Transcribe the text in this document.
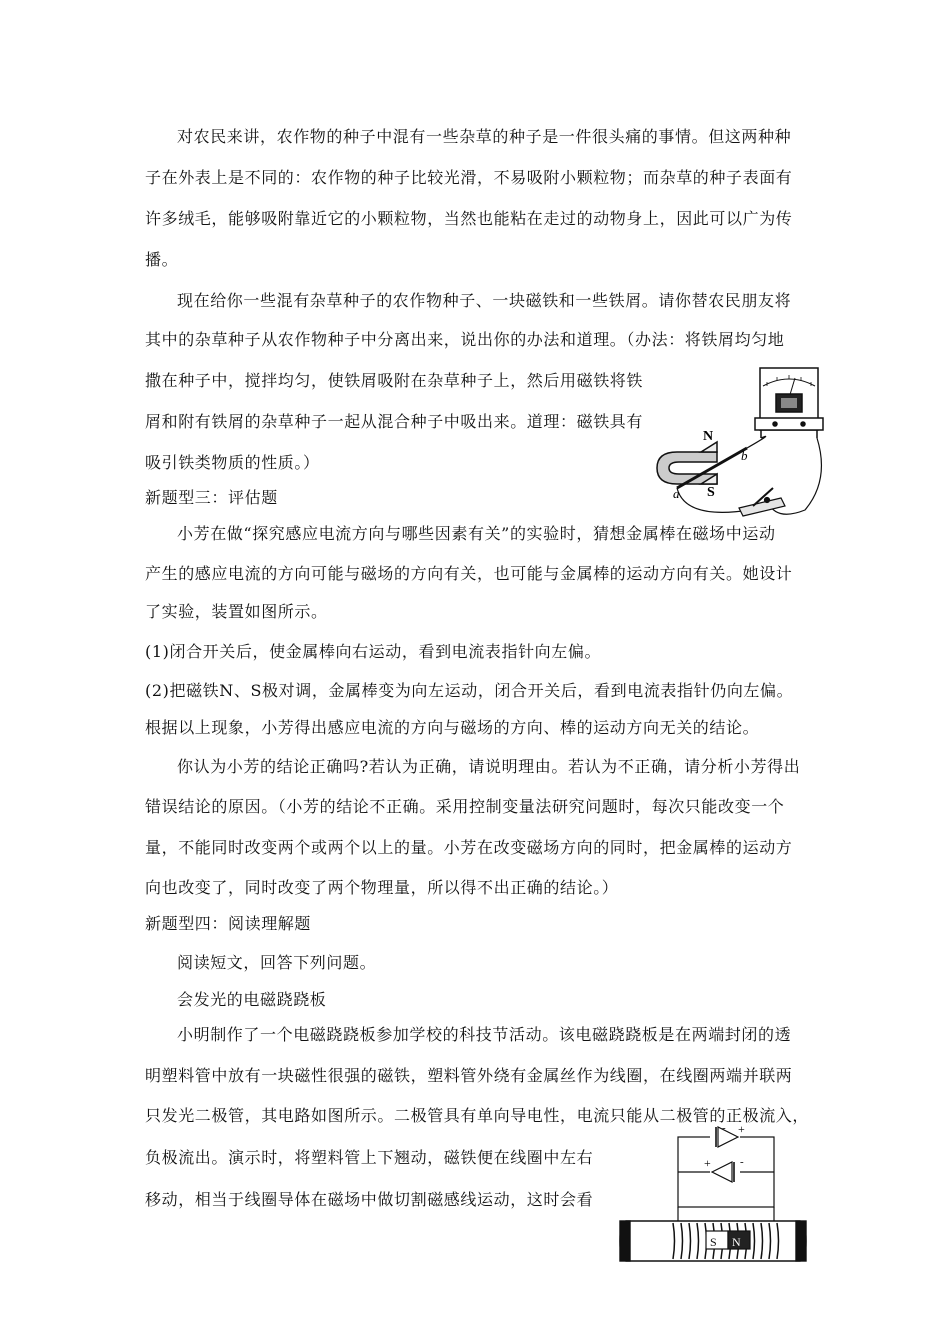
对农民来讲，农作物的种子中混有一些杂草的种子是一件很头痛的事情。但这两种种
子在外表上是不同的：农作物的种子比较光滑，不易吸附小颗粒物；而杂草的种子表面有
许多绒毛，能够吸附靠近它的小颗粒物，当然也能粘在走过的动物身上，因此可以广为传
播。
现在给你一些混有杂草种子的农作物种子、一块磁铁和一些铁屑。请你替农民朋友将
其中的杂草种子从农作物种子中分离出来，说出你的办法和道理。（办法：将铁屑均匀地
撒在种子中，搅拌均匀，使铁屑吸附在杂草种子上，然后用磁铁将铁
屑和附有铁屑的杂草种子一起从混合种子中吸出来。道理：磁铁具有
吸引铁类物质的性质。）
新题型三：评估题
小芳在做“探究感应电流方向与哪些因素有关”的实验时，猜想金属棒在磁场中运动
产生的感应电流的方向可能与磁场的方向有关，也可能与金属棒的运动方向有关。她设计
了实验，装置如图所示。
(1)闭合开关后，使金属棒向右运动，看到电流表指针向左偏。
(2)把磁铁N、S极对调，金属棒变为向左运动，闭合开关后，看到电流表指针仍向左偏。
根据以上现象，小芳得出感应电流的方向与磁场的方向、棒的运动方向无关的结论。
你认为小芳的结论正确吗?若认为正确，请说明理由。若认为不正确，请分析小芳得出
错误结论的原因。（小芳的结论不正确。采用控制变量法研究问题时，每次只能改变一个
量，不能同时改变两个或两个以上的量。小芳在改变磁场方向的同时，把金属棒的运动方
向也改变了，同时改变了两个物理量，所以得不出正确的结论。）
新题型四：阅读理解题
阅读短文，回答下列问题。
会发光的电磁跷跷板
小明制作了一个电磁跷跷板参加学校的科技节活动。该电磁跷跷板是在两端封闭的透
明塑料管中放有一块磁性很强的磁铁，塑料管外绕有金属丝作为线圈，在线圈两端并联两
只发光二极管，其电路如图所示。二极管具有单向导电性，电流只能从二极管的正极流入，
负极流出。演示时，将塑料管上下翘动，磁铁便在线圈中左右
移动，相当于线圈导体在磁场中做切割磁感线运动，这时会看
N
S
a
b
- +
+	-
S N
